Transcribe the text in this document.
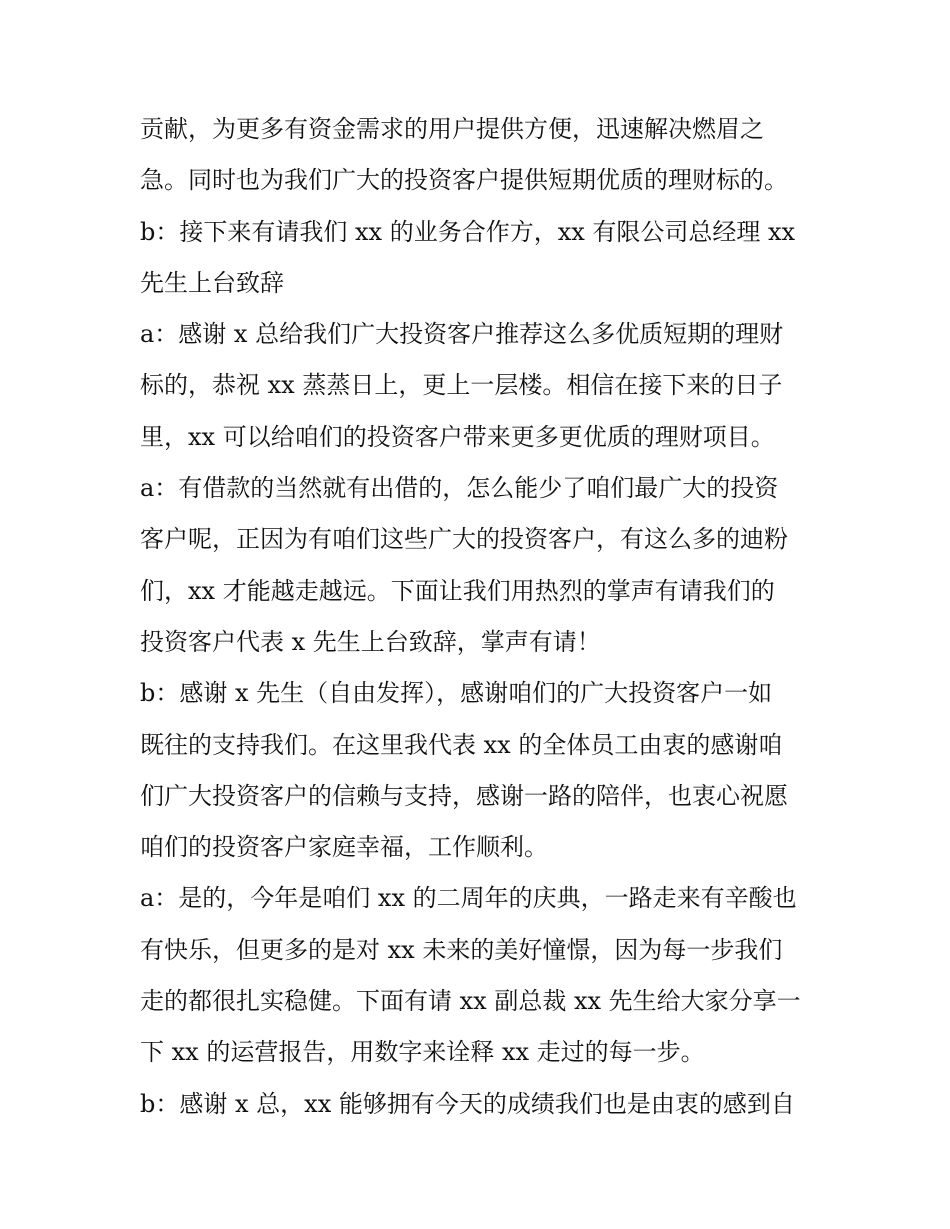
贡献，为更多有资金需求的用户提供方便，迅速解决燃眉之
急。同时也为我们广大的投资客户提供短期优质的理财标的。
b：接下来有请我们 xx 的业务合作方，xx 有限公司总经理 xx
先生上台致辞
a：感谢 x 总给我们广大投资客户推荐这么多优质短期的理财
标的，恭祝 xx 蒸蒸日上，更上一层楼。相信在接下来的日子
里，xx 可以给咱们的投资客户带来更多更优质的理财项目。
a：有借款的当然就有出借的，怎么能少了咱们最广大的投资
客户呢，正因为有咱们这些广大的投资客户，有这么多的迪粉
们，xx 才能越走越远。下面让我们用热烈的掌声有请我们的
投资客户代表 x 先生上台致辞，掌声有请！
b：感谢 x 先生（自由发挥），感谢咱们的广大投资客户一如
既往的支持我们。在这里我代表 xx 的全体员工由衷的感谢咱
们广大投资客户的信赖与支持，感谢一路的陪伴，也衷心祝愿
咱们的投资客户家庭幸福，工作顺利。
a：是的，今年是咱们 xx 的二周年的庆典，一路走来有辛酸也
有快乐，但更多的是对 xx 未来的美好憧憬，因为每一步我们
走的都很扎实稳健。下面有请 xx 副总裁 xx 先生给大家分享一
下 xx 的运营报告，用数字来诠释 xx 走过的每一步。
b：感谢 x 总，xx 能够拥有今天的成绩我们也是由衷的感到自
